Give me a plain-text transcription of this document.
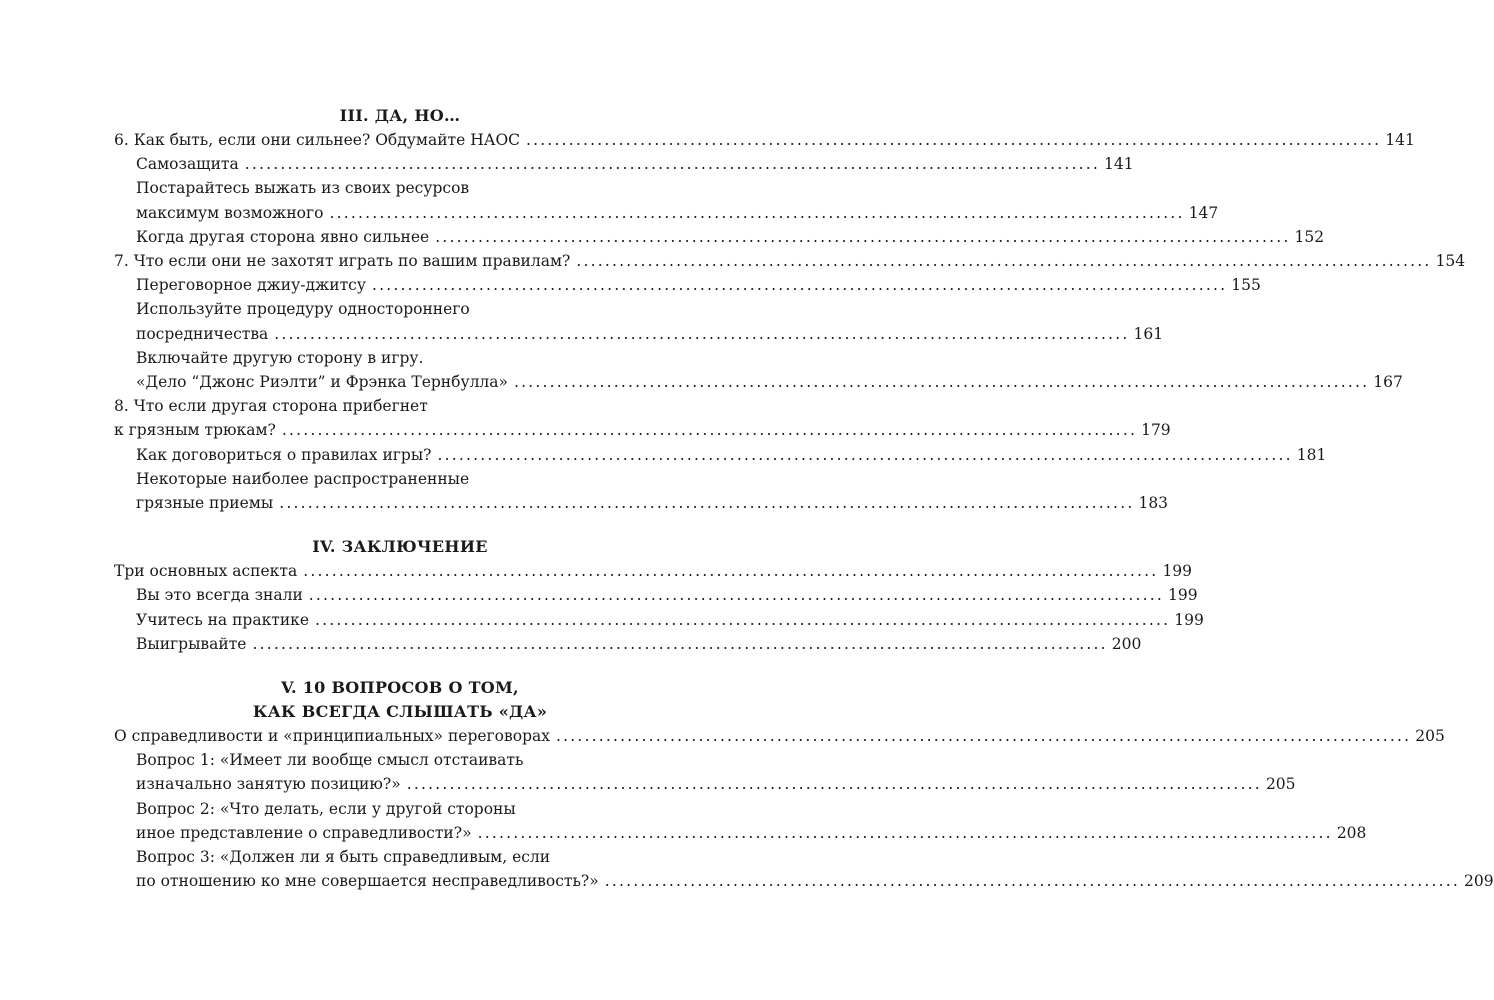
III. ДА, НО…

6. Как быть, если они сильнее? Обдумайте НАОС ........................................................................................................................ 141
Самозащита ........................................................................................................................ 141
Постарайтесь выжать из своих ресурсов
максимум возможного ........................................................................................................................ 147
Когда другая сторона явно сильнее ........................................................................................................................ 152
7. Что если они не захотят играть по вашим правилам? ........................................................................................................................ 154
Переговорное джиу-джитсу ........................................................................................................................ 155
Используйте процедуру одностороннего
посредничества ........................................................................................................................ 161
Включайте другую сторону в игру.
«Дело “Джонс Риэлти” и Фрэнка Тернбулла» ........................................................................................................................ 167
8. Что если другая сторона прибегнет
к грязным трюкам? ........................................................................................................................ 179
Как договориться о правилах игры? ........................................................................................................................ 181
Некоторые наиболее распространенные
грязные приемы ........................................................................................................................ 183

IV. ЗАКЛЮЧЕНИЕ

Три основных аспекта ........................................................................................................................ 199
Вы это всегда знали ........................................................................................................................ 199
Учитесь на практике ........................................................................................................................ 199
Выигрывайте ........................................................................................................................ 200

V. 10 ВОПРОСОВ О ТОМ,

КАК ВСЕГДА СЛЫШАТЬ «ДА»

О справедливости и «принципиальных» переговорах ........................................................................................................................ 205
Вопрос 1: «Имеет ли вообще смысл отстаивать
изначально занятую позицию?» ........................................................................................................................ 205
Вопрос 2: «Что делать, если у другой стороны
иное представление о справедливости?» ........................................................................................................................ 208
Вопрос 3: «Должен ли я быть справедливым, если
по отношению ко мне совершается несправедливость?» ........................................................................................................................ 209
